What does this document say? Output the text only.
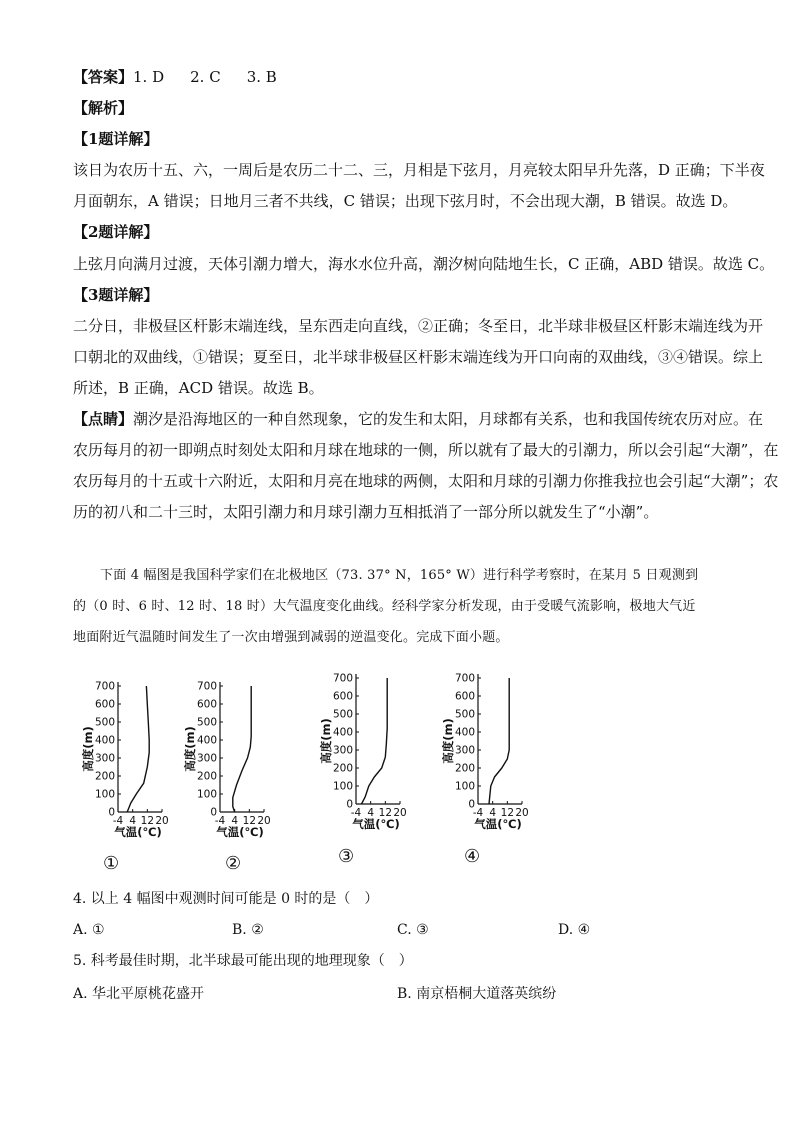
【答案】1. D 2. C 3. B
【解析】
【1题详解】
该日为农历十五、六，一周后是农历二十二、三，月相是下弦月，月亮较太阳早升先落，D 正确；下半夜
月面朝东，A 错误；日地月三者不共线，C 错误；出现下弦月时，不会出现大潮，B 错误。故选 D。
【2题详解】
上弦月向满月过渡，天体引潮力增大，海水水位升高，潮汐树向陆地生长，C 正确，ABD 错误。故选 C。
【3题详解】
二分日，非极昼区杆影末端连线，呈东西走向直线，②正确；冬至日，北半球非极昼区杆影末端连线为开
口朝北的双曲线，①错误；夏至日，北半球非极昼区杆影末端连线为开口向南的双曲线，③④错误。综上
所述，B 正确，ACD 错误。故选 B。
【点睛】潮汐是沿海地区的一种自然现象，它的发生和太阳，月球都有关系，也和我国传统农历对应。在
农历每月的初一即朔点时刻处太阳和月球在地球的一侧，所以就有了最大的引潮力，所以会引起“大潮”，在
农历每月的十五或十六附近，太阳和月亮在地球的两侧，太阳和月球的引潮力你推我拉也会引起“大潮”；农
历的初八和二十三时，太阳引潮力和月球引潮力互相抵消了一部分所以就发生了“小潮”。
下面 4 幅图是我国科学家们在北极地区（73. 37° N，165° W）进行科学考察时，在某月 5 日观测到
的（0 时、6 时、12 时、18 时）大气温度变化曲线。经科学家分析发现，由于受暖气流影响，极地大气近
地面附近气温随时间发生了一次由增强到减弱的逆温变化。完成下面小题。
0
100
200
300
400
500
600
700
-4 4 12 20
高度(m)
气温(℃)
0
100
200
300
400
500
600
700
-4 4 12 20
高度(m)
气温(℃)
0
100
200
300
400
500
600
700
-4 4 12 20
高度(m)
气温(℃)
0
100
200
300
400
500
600
700
-4 4 12 20
高度(m)
气温(℃)
①	②	③	④
4. 以上 4 幅图中观测时间可能是 0 时的是（　）
A. ①	B. ②	C. ③	D. ④
5. 科考最佳时期，北半球最可能出现的地理现象（　）
A. 华北平原桃花盛开	B. 南京梧桐大道落英缤纷
